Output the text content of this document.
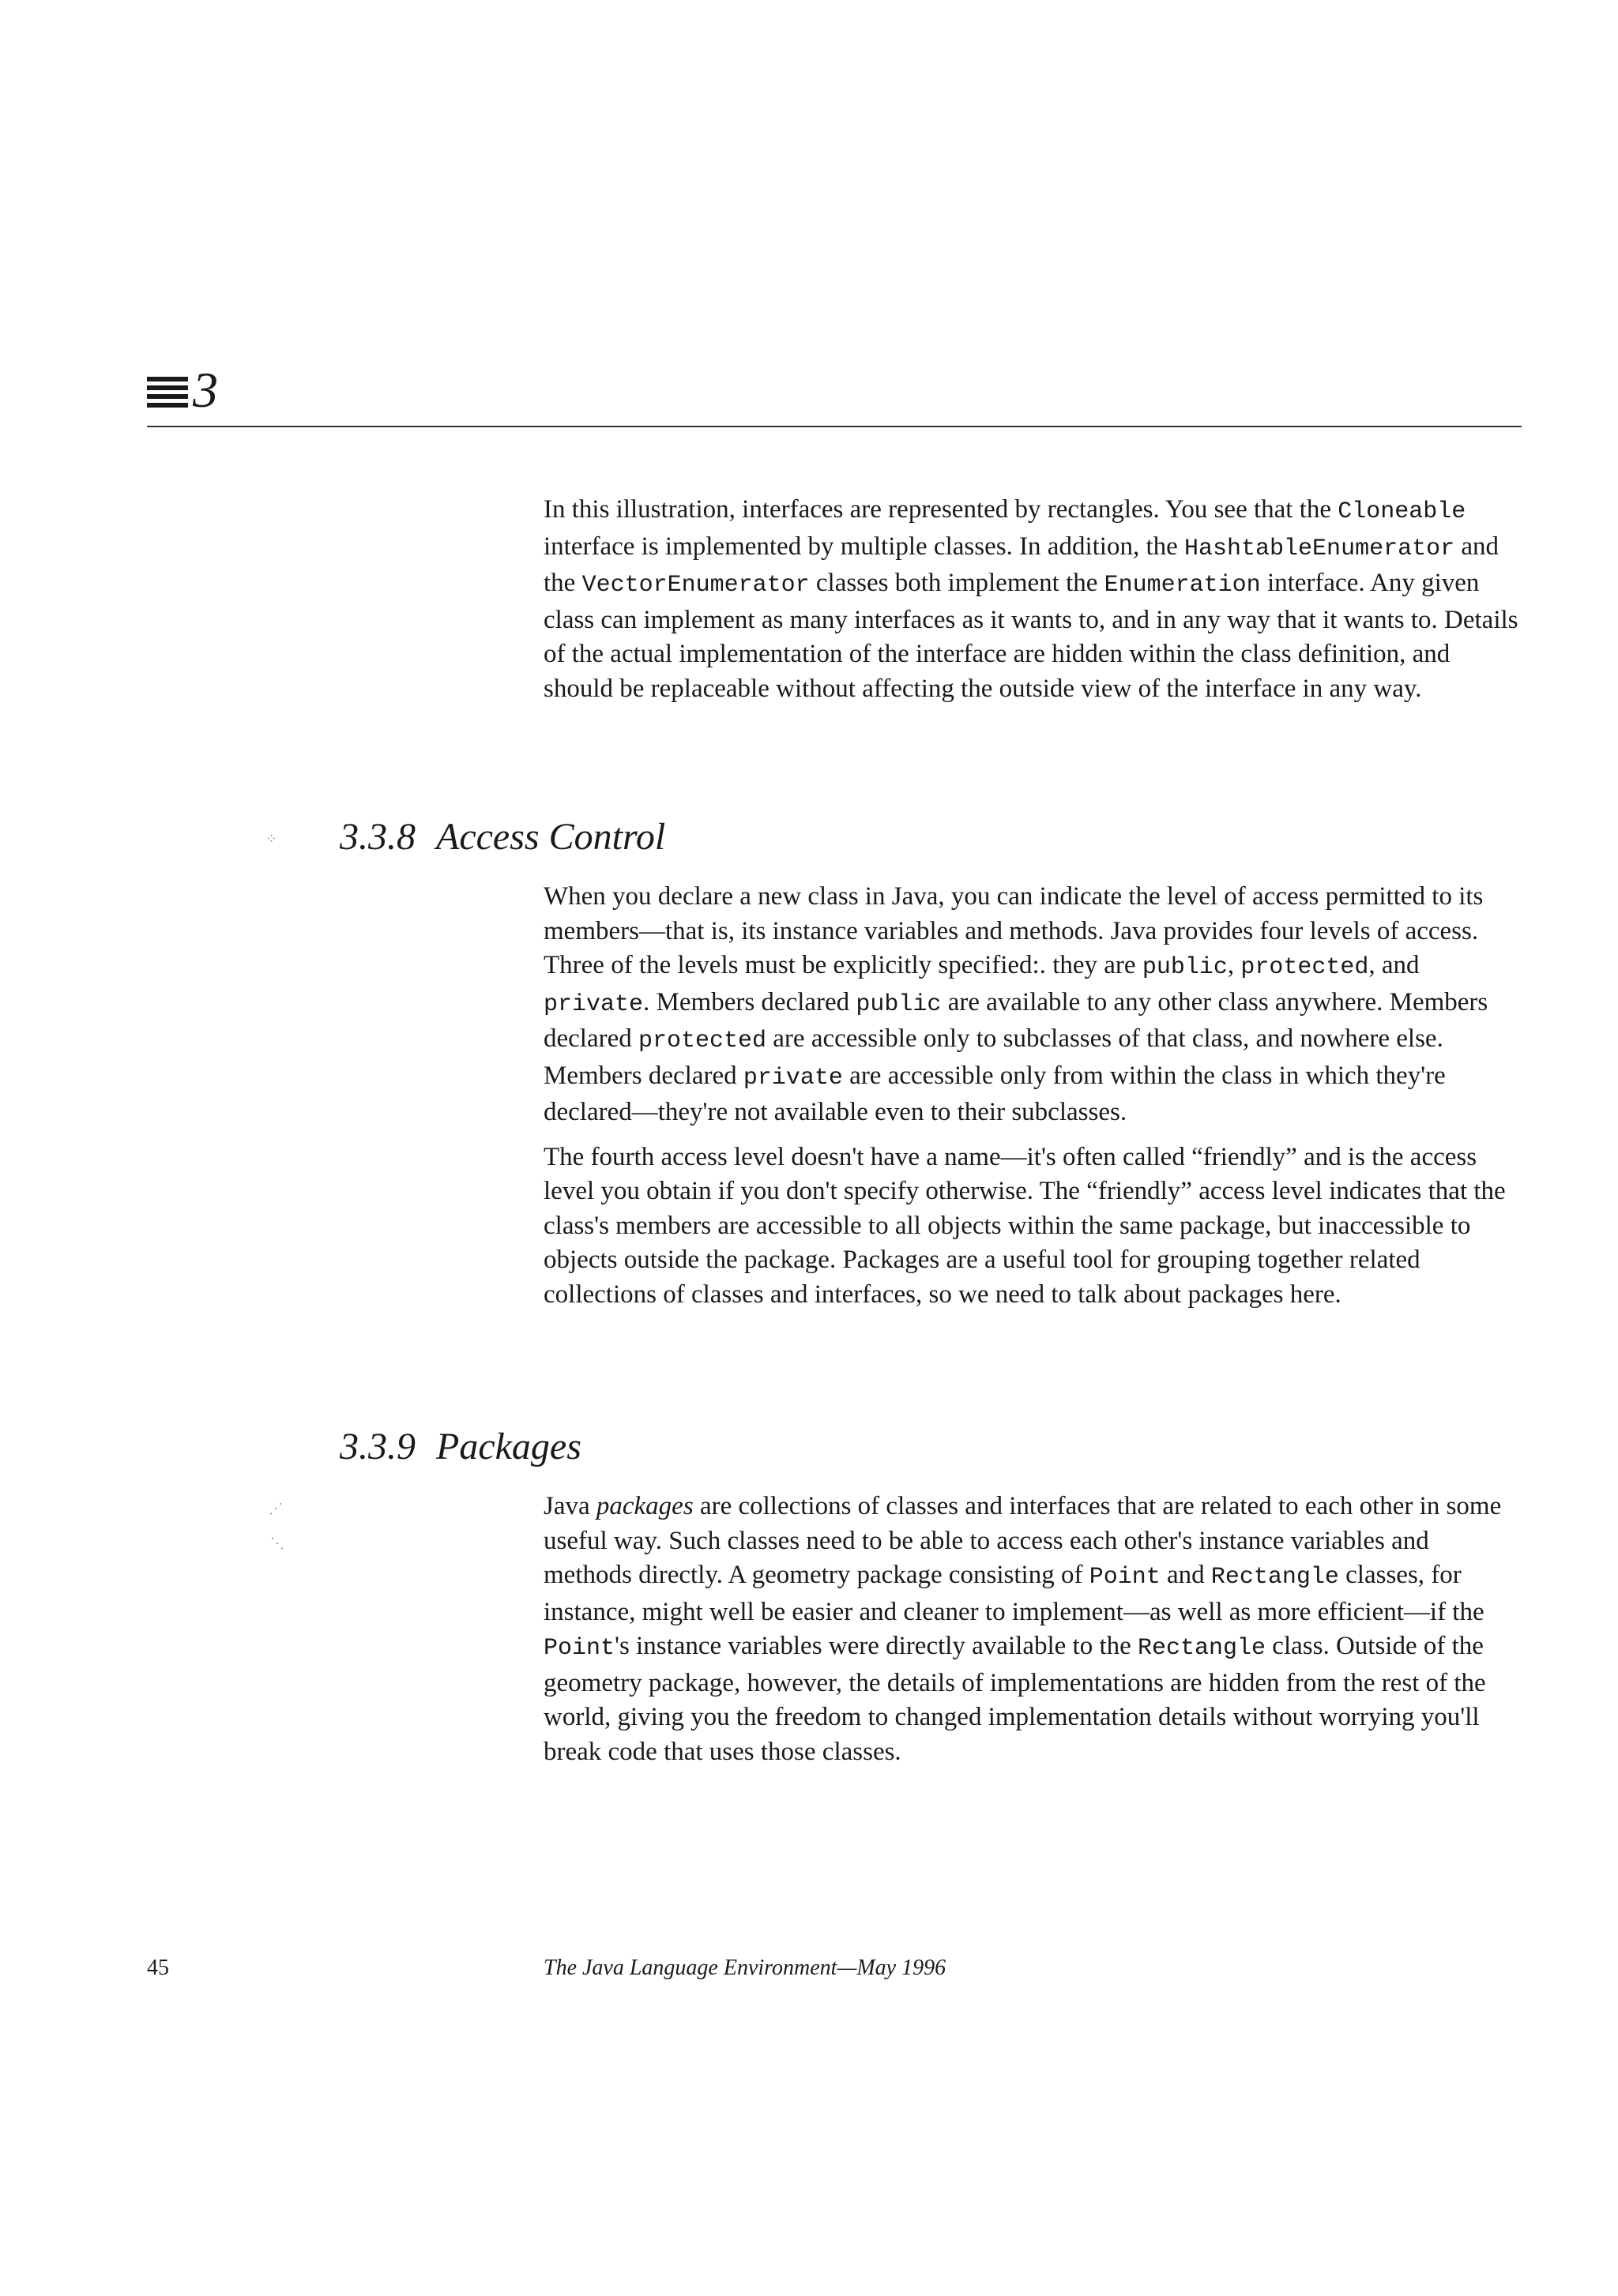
3

In this illustration, interfaces are represented by rectangles. You see that the Cloneable interface is implemented by multiple classes. In addition, the HashtableEnumerator and the VectorEnumerator classes both implement the Enumeration interface. Any given class can implement as many interfaces as it wants to, and in any way that it wants to. Details of the actual implementation of the interface are hidden within the class definition, and should be replaceable without affecting the outside view of the interface in any way.

3.3.8 Access Control

When you declare a new class in Java, you can indicate the level of access permitted to its members—that is, its instance variables and methods. Java provides four levels of access. Three of the levels must be explicitly specified:. they are public, protected, and private. Members declared public are available to any other class anywhere. Members declared protected are accessible only to subclasses of that class, and nowhere else. Members declared private are accessible only from within the class in which they're declared—they're not available even to their subclasses.

The fourth access level doesn't have a name—it's often called “friendly” and is the access level you obtain if you don't specify otherwise. The “friendly” access level indicates that the class's members are accessible to all objects within the same package, but inaccessible to objects outside the package. Packages are a useful tool for grouping together related collections of classes and interfaces, so we need to talk about packages here.

3.3.9 Packages

Java packages are collections of classes and interfaces that are related to each other in some useful way. Such classes need to be able to access each other's instance variables and methods directly. A geometry package consisting of Point and Rectangle classes, for instance, might well be easier and cleaner to implement—as well as more efficient—if the Point's instance variables were directly available to the Rectangle class. Outside of the geometry package, however, the details of implementations are hidden from the rest of the world, giving you the freedom to changed implementation details without worrying you'll break code that uses those classes.

45	The Java Language Environment—May 1996
⁘
⋰
⋱
